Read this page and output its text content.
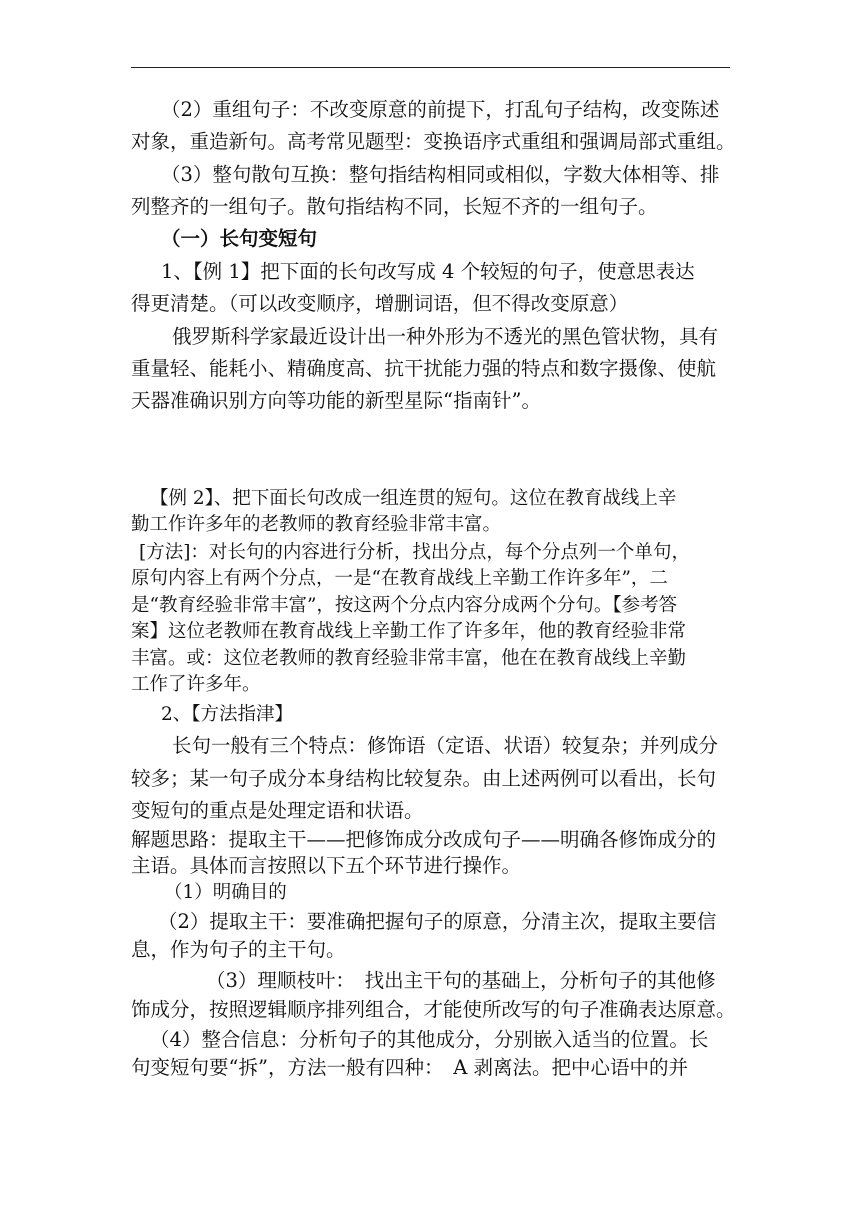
（2）重组句子：不改变原意的前提下，打乱句子结构，改变陈述
对象，重造新句。高考常见题型：变换语序式重组和强调局部式重组。
（3）整句散句互换：整句指结构相同或相似，字数大体相等、排
列整齐的一组句子。散句指结构不同，长短不齐的一组句子。
（一）长句变短句
1、【例 1】把下面的长句改写成 4 个较短的句子，使意思表达
得更清楚。（可以改变顺序，增删词语，但不得改变原意）
俄罗斯科学家最近设计出一种外形为不透光的黑色管状物，具有
重量轻、能耗小、精确度高、抗干扰能力强的特点和数字摄像、使航
天器准确识别方向等功能的新型星际“指南针”。
【例 2】、把下面长句改成一组连贯的短句。这位在教育战线上辛
勤工作许多年的老教师的教育经验非常丰富。
[方法]：对长句的内容进行分析，找出分点，每个分点列一个单句，
原句内容上有两个分点，一是“在教育战线上辛勤工作许多年”，二
是“教育经验非常丰富”，按这两个分点内容分成两个分句。【参考答
案】这位老教师在教育战线上辛勤工作了许多年，他的教育经验非常
丰富。或：这位老教师的教育经验非常丰富，他在在教育战线上辛勤
工作了许多年。
2、【方法指津】
长句一般有三个特点：修饰语（定语、状语）较复杂；并列成分
较多；某一句子成分本身结构比较复杂。由上述两例可以看出，长句
变短句的重点是处理定语和状语。
解题思路：提取主干——把修饰成分改成句子——明确各修饰成分的
主语。具体而言按照以下五个环节进行操作。
（1）明确目的
（2）提取主干：要准确把握句子的原意，分清主次，提取主要信
息，作为句子的主干句。
（3）理顺枝叶：　找出主干句的基础上，分析句子的其他修
饰成分，按照逻辑顺序排列组合，才能使所改写的句子准确表达原意。
（4）整合信息：分析句子的其他成分，分别嵌入适当的位置。长
句变短句要“拆”，方法一般有四种：　A 剥离法。把中心语中的并
